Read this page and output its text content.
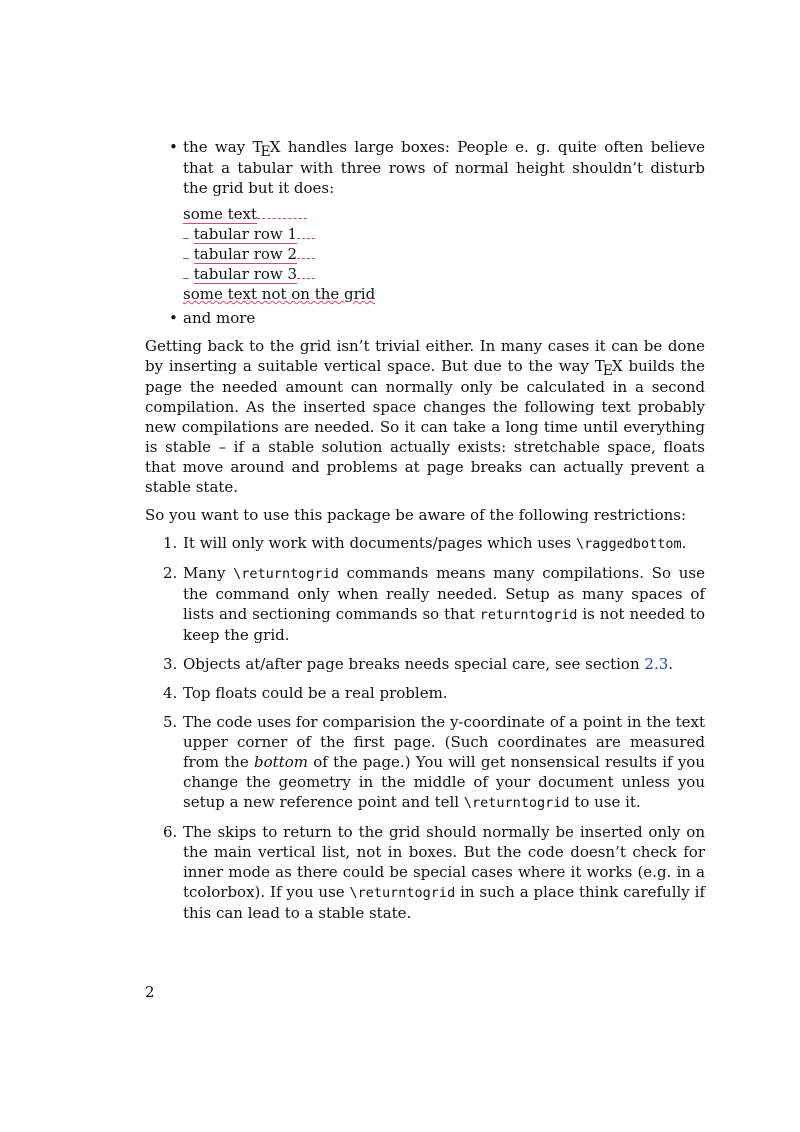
• the way TEX handles large boxes: People e. g. quite often believe that a tabular with three rows of normal height shouldn’t disturb the grid but it does:
some text
tabular row 1
tabular row 2
tabular row 3
some text not on the grid
• and more

Getting back to the grid isn’t trivial either. In many cases it can be done by inserting a suitable vertical space. But due to the way TEX builds the page the needed amount can normally only be calculated in a second compilation. As the inserted space changes the following text probably new compilations are needed. So it can take a long time until everything is stable – if a stable solution actually exists: stretchable space, floats that move around and problems at page breaks can actually prevent a stable state.

So you want to use this package be aware of the following restrictions:

1. It will only work with documents/pages which uses \raggedbottom.
2. Many \returntogrid commands means many compilations. So use the command only when really needed. Setup as many spaces of lists and sectioning commands so that returntogrid is not needed to keep the grid.
3. Objects at/after page breaks needs special care, see section 2.3.
4. Top floats could be a real problem.
5. The code uses for comparision the y-coordinate of a point in the text upper corner of the first page. (Such coordinates are measured from the bottom of the page.) You will get nonsensical results if you change the geometry in the middle of your document unless you setup a new reference point and tell \returntogrid to use it.
6. The skips to return to the grid should normally be inserted only on the main vertical list, not in boxes. But the code doesn’t check for inner mode as there could be special cases where it works (e.g. in a tcolorbox). If you use \returntogrid in such a place think carefully if this can lead to a stable state.
2
